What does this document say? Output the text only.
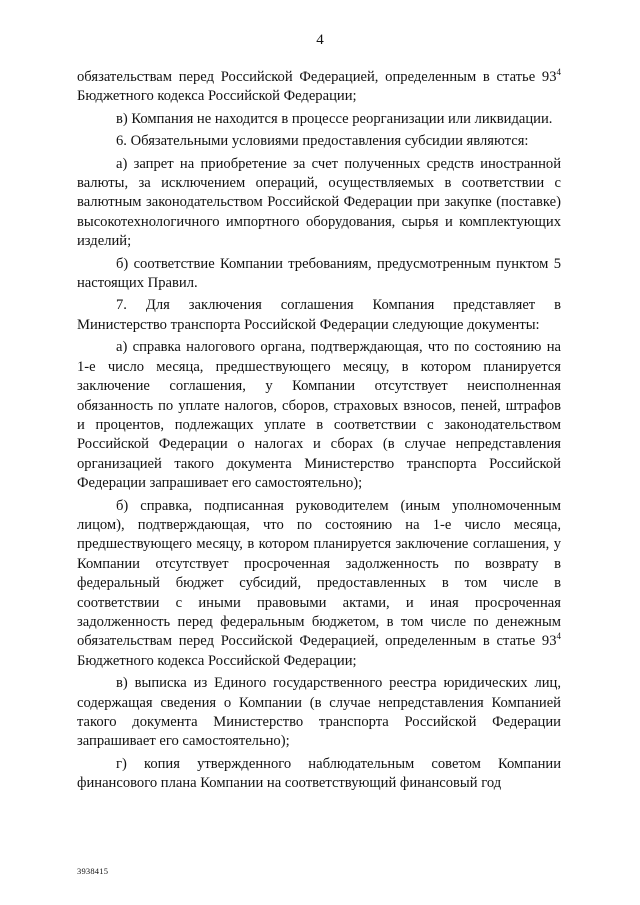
4

обязательствам перед Российской Федерацией, определенным в статье $93^4$ Бюджетного кодекса Российской Федерации;

в) Компания не находится в процессе реорганизации или ликвидации.

6. Обязательными условиями предоставления субсидии являются:

а) запрет на приобретение за счет полученных средств иностранной валюты, за исключением операций, осуществляемых в соответствии с валютным законодательством Российской Федерации при закупке (поставке) высокотехнологичного импортного оборудования, сырья и комплектующих изделий;

б) соответствие Компании требованиям, предусмотренным пунктом 5 настоящих Правил.

7. Для заключения соглашения Компания представляет в Министерство транспорта Российской Федерации следующие документы:

а) справка налогового органа, подтверждающая, что по состоянию на 1-е число месяца, предшествующего месяцу, в котором планируется заключение соглашения, у Компании отсутствует неисполненная обязанность по уплате налогов, сборов, страховых взносов, пеней, штрафов и процентов, подлежащих уплате в соответствии с законодательством Российской Федерации о налогах и сборах (в случае непредставления организацией такого документа Министерство транспорта Российской Федерации запрашивает его самостоятельно);

б) справка, подписанная руководителем (иным уполномоченным лицом), подтверждающая, что по состоянию на 1-е число месяца, предшествующего месяцу, в котором планируется заключение соглашения, у Компании отсутствует просроченная задолженность по возврату в федеральный бюджет субсидий, предоставленных в том числе в соответствии с иными правовыми актами, и иная просроченная задолженность перед федеральным бюджетом, в том числе по денежным обязательствам перед Российской Федерацией, определенным в статье $93^4$ Бюджетного кодекса Российской Федерации;

в) выписка из Единого государственного реестра юридических лиц, содержащая сведения о Компании (в случае непредставления Компанией такого документа Министерство транспорта Российской Федерации запрашивает его самостоятельно);

г) копия утвержденного наблюдательным советом Компании финансового плана Компании на соответствующий финансовый год

3938415
